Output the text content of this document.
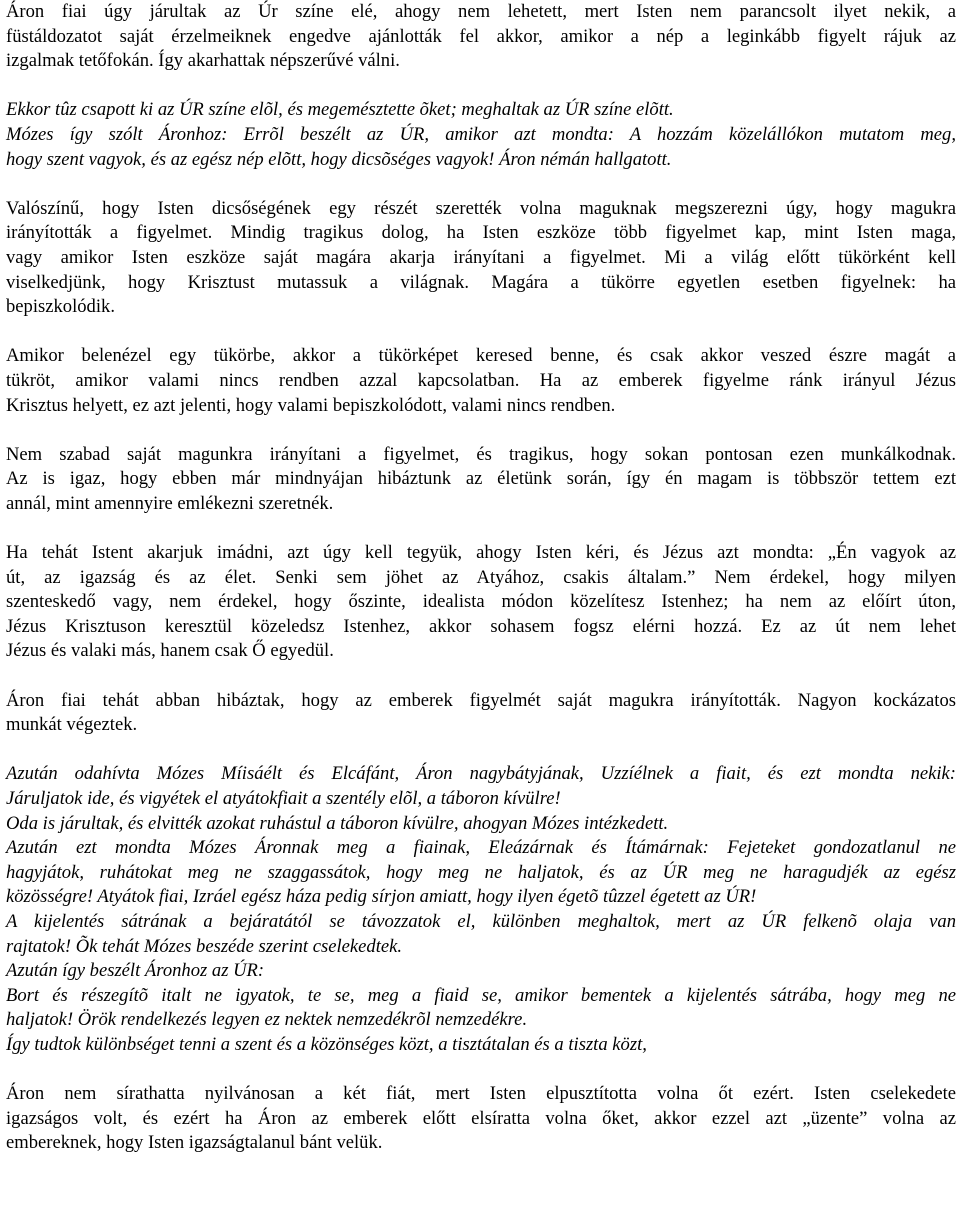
Áron fiai úgy járultak az Úr színe elé, ahogy nem lehetett, mert Isten nem parancsolt ilyet nekik, a
füstáldozatot saját érzelmeiknek engedve ajánlották fel akkor, amikor a nép a leginkább figyelt rájuk az
izgalmak tetőfokán. Így akarhattak népszerűvé válni.

Ekkor tûz csapott ki az ÚR színe elõl, és megemésztette õket; meghaltak az ÚR színe elõtt.
Mózes így szólt Áronhoz: Errõl beszélt az ÚR, amikor azt mondta: A hozzám közelállókon mutatom meg,
hogy szent vagyok, és az egész nép elõtt, hogy dicsõséges vagyok! Áron némán hallgatott.

Valószínű, hogy Isten dicsőségének egy részét szerették volna maguknak megszerezni úgy, hogy magukra
irányították a figyelmet. Mindig tragikus dolog, ha Isten eszköze több figyelmet kap, mint Isten maga,
vagy amikor Isten eszköze saját magára akarja irányítani a figyelmet. Mi a világ előtt tükörként kell
viselkedjünk, hogy Krisztust mutassuk a világnak. Magára a tükörre egyetlen esetben figyelnek: ha
bepiszkolódik.

Amikor belenézel egy tükörbe, akkor a tükörképet keresed benne, és csak akkor veszed észre magát a
tükröt, amikor valami nincs rendben azzal kapcsolatban. Ha az emberek figyelme ránk irányul Jézus
Krisztus helyett, ez azt jelenti, hogy valami bepiszkolódott, valami nincs rendben.

Nem szabad saját magunkra irányítani a figyelmet, és tragikus, hogy sokan pontosan ezen munkálkodnak.
Az is igaz, hogy ebben már mindnyájan hibáztunk az életünk során, így én magam is többször tettem ezt
annál, mint amennyire emlékezni szeretnék.

Ha tehát Istent akarjuk imádni, azt úgy kell tegyük, ahogy Isten kéri, és Jézus azt mondta: „Én vagyok az
út, az igazság és az élet. Senki sem jöhet az Atyához, csakis általam.” Nem érdekel, hogy milyen
szenteskedő vagy, nem érdekel, hogy őszinte, idealista módon közelítesz Istenhez; ha nem az előírt úton,
Jézus Krisztuson keresztül közeledsz Istenhez, akkor sohasem fogsz elérni hozzá. Ez az út nem lehet
Jézus és valaki más, hanem csak Ő egyedül.

Áron fiai tehát abban hibáztak, hogy az emberek figyelmét saját magukra irányították. Nagyon kockázatos
munkát végeztek.

Azután odahívta Mózes Míisáélt és Elcáfánt, Áron nagybátyjának, Uzzíélnek a fiait, és ezt mondta nekik:
Járuljatok ide, és vigyétek el atyátokfiait a szentély elõl, a táboron kívülre!
Oda is járultak, és elvitték azokat ruhástul a táboron kívülre, ahogyan Mózes intézkedett.
Azután ezt mondta Mózes Áronnak meg a fiainak, Eleázárnak és Ítámárnak: Fejeteket gondozatlanul ne
hagyjátok, ruhátokat meg ne szaggassátok, hogy meg ne haljatok, és az ÚR meg ne haragudjék az egész
közösségre! Atyátok fiai, Izráel egész háza pedig sírjon amiatt, hogy ilyen égetõ tûzzel égetett az ÚR!
A kijelentés sátrának a bejáratától se távozzatok el, különben meghaltok, mert az ÚR felkenõ olaja van
rajtatok! Õk tehát Mózes beszéde szerint cselekedtek.
Azután így beszélt Áronhoz az ÚR:
Bort és részegítõ italt ne igyatok, te se, meg a fiaid se, amikor bementek a kijelentés sátrába, hogy meg ne
haljatok! Örök rendelkezés legyen ez nektek nemzedékrõl nemzedékre.
Így tudtok különbséget tenni a szent és a közönséges közt, a tisztátalan és a tiszta közt,

Áron nem sírathatta nyilvánosan a két fiát, mert Isten elpusztította volna őt ezért. Isten cselekedete
igazságos volt, és ezért ha Áron az emberek előtt elsíratta volna őket, akkor ezzel azt „üzente” volna az
embereknek, hogy Isten igazságtalanul bánt velük.
